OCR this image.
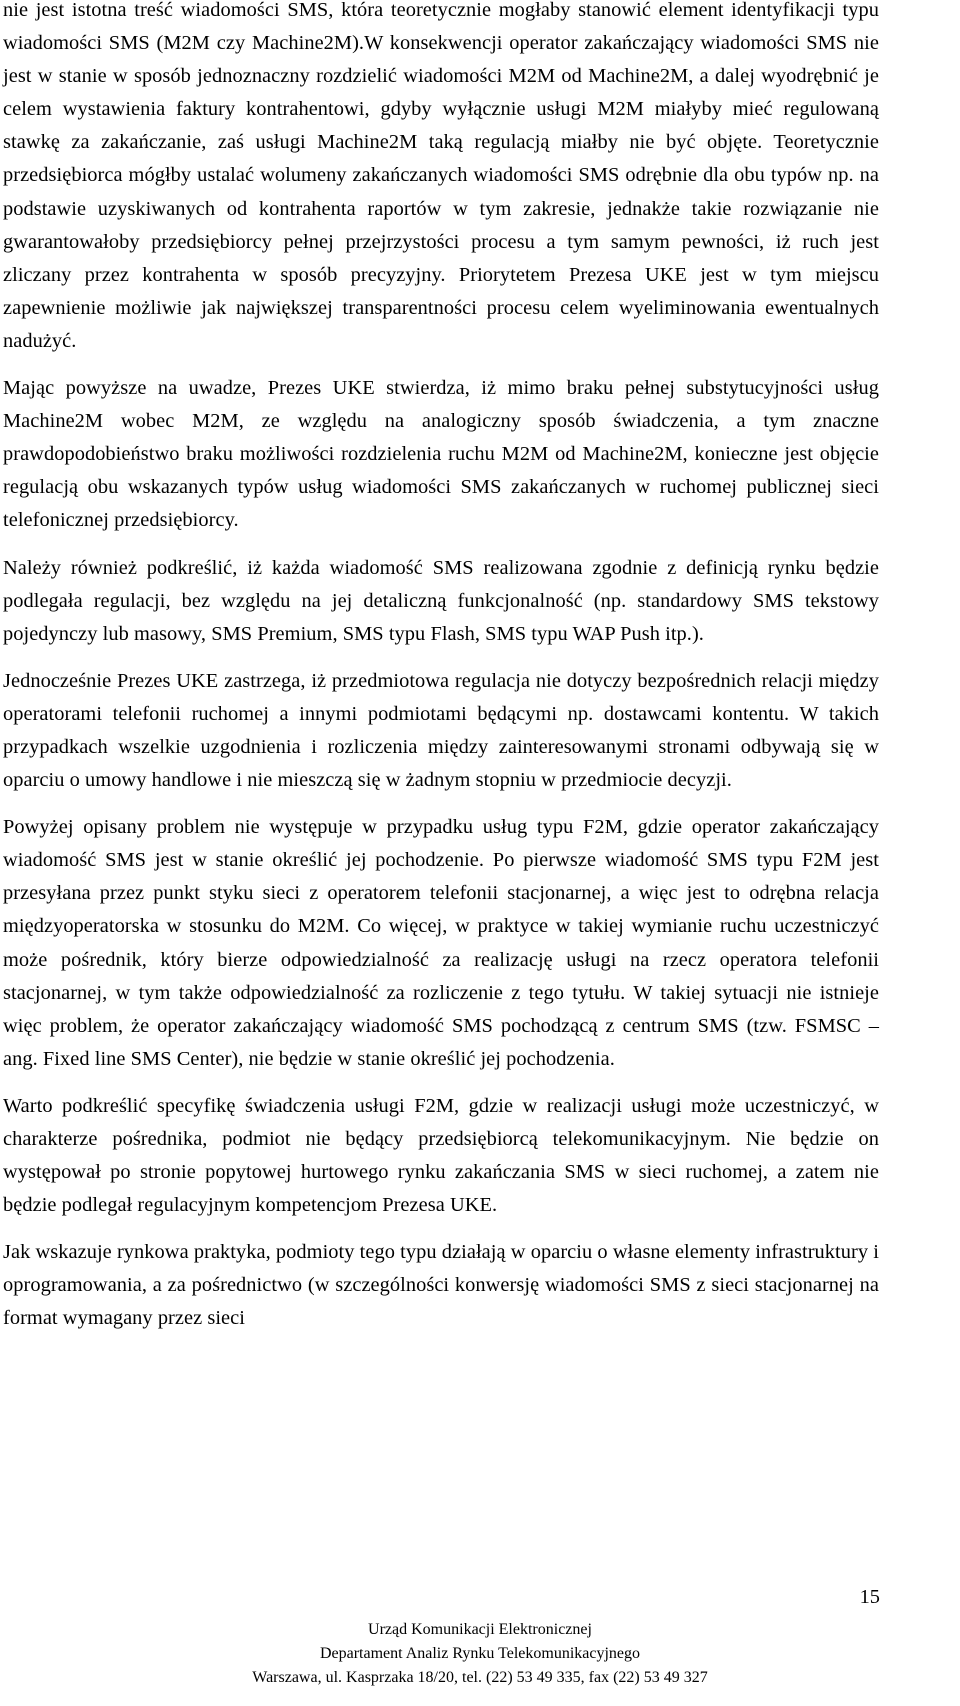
nie jest istotna treść wiadomości SMS, która teoretycznie mogłaby stanowić element identyfikacji typu wiadomości SMS (M2M czy Machine2M).W konsekwencji operator zakańczający wiadomości SMS nie jest w stanie w sposób jednoznaczny rozdzielić wiadomości M2M od Machine2M, a dalej wyodrębnić je celem wystawienia faktury kontrahentowi, gdyby wyłącznie usługi M2M miałyby mieć regulowaną stawkę za zakańczanie, zaś usługi Machine2M taką regulacją miałby nie być objęte. Teoretycznie przedsiębiorca mógłby ustalać wolumeny zakańczanych wiadomości SMS odrębnie dla obu typów np. na podstawie uzyskiwanych od kontrahenta raportów w tym zakresie, jednakże takie rozwiązanie nie gwarantowałoby przedsiębiorcy pełnej przejrzystości procesu a tym samym pewności, iż ruch jest zliczany przez kontrahenta w sposób precyzyjny. Priorytetem Prezesa UKE jest w tym miejscu zapewnienie możliwie jak największej transparentności procesu celem wyeliminowania ewentualnych nadużyć.

Mając powyższe na uwadze, Prezes UKE stwierdza, iż mimo braku pełnej substytucyjności usług Machine2M wobec M2M, ze względu na analogiczny sposób świadczenia, a tym znaczne prawdopodobieństwo braku możliwości rozdzielenia ruchu M2M od Machine2M, konieczne jest objęcie regulacją obu wskazanych typów usług wiadomości SMS zakańczanych w ruchomej publicznej sieci telefonicznej przedsiębiorcy.

Należy również podkreślić, iż każda wiadomość SMS realizowana zgodnie z definicją rynku będzie podlegała regulacji, bez względu na jej detaliczną funkcjonalność (np. standardowy SMS tekstowy pojedynczy lub masowy, SMS Premium, SMS typu Flash, SMS typu WAP Push itp.).

Jednocześnie Prezes UKE zastrzega, iż przedmiotowa regulacja nie dotyczy bezpośrednich relacji między operatorami telefonii ruchomej a innymi podmiotami będącymi np. dostawcami kontentu. W takich przypadkach wszelkie uzgodnienia i rozliczenia między zainteresowanymi stronami odbywają się w oparciu o umowy handlowe i nie mieszczą się w żadnym stopniu w przedmiocie decyzji.

Powyżej opisany problem nie występuje w przypadku usług typu F2M, gdzie operator zakańczający wiadomość SMS jest w stanie określić jej pochodzenie. Po pierwsze wiadomość SMS typu F2M jest przesyłana przez punkt styku sieci z operatorem telefonii stacjonarnej, a więc jest to odrębna relacja międzyoperatorska w stosunku do M2M. Co więcej, w praktyce w takiej wymianie ruchu uczestniczyć może pośrednik, który bierze odpowiedzialność za realizację usługi na rzecz operatora telefonii stacjonarnej, w tym także odpowiedzialność za rozliczenie z tego tytułu. W takiej sytuacji nie istnieje więc problem, że operator zakańczający wiadomość SMS pochodzącą z centrum SMS (tzw. FSMSC – ang. Fixed line SMS Center), nie będzie w stanie określić jej pochodzenia.

Warto podkreślić specyfikę świadczenia usługi F2M, gdzie w realizacji usługi może uczestniczyć, w charakterze pośrednika, podmiot nie będący przedsiębiorcą telekomunikacyjnym. Nie będzie on występował po stronie popytowej hurtowego rynku zakańczania SMS w sieci ruchomej, a zatem nie będzie podlegał regulacyjnym kompetencjom Prezesa UKE.

Jak wskazuje rynkowa praktyka, podmioty tego typu działają w oparciu o własne elementy infrastruktury i oprogramowania, a za pośrednictwo (w szczególności konwersję wiadomości SMS z sieci stacjonarnej na format wymagany przez sieci

15
Urząd Komunikacji Elektronicznej
Departament Analiz Rynku Telekomunikacyjnego
Warszawa, ul. Kasprzaka 18/20, tel. (22) 53 49 335, fax (22) 53 49 327
